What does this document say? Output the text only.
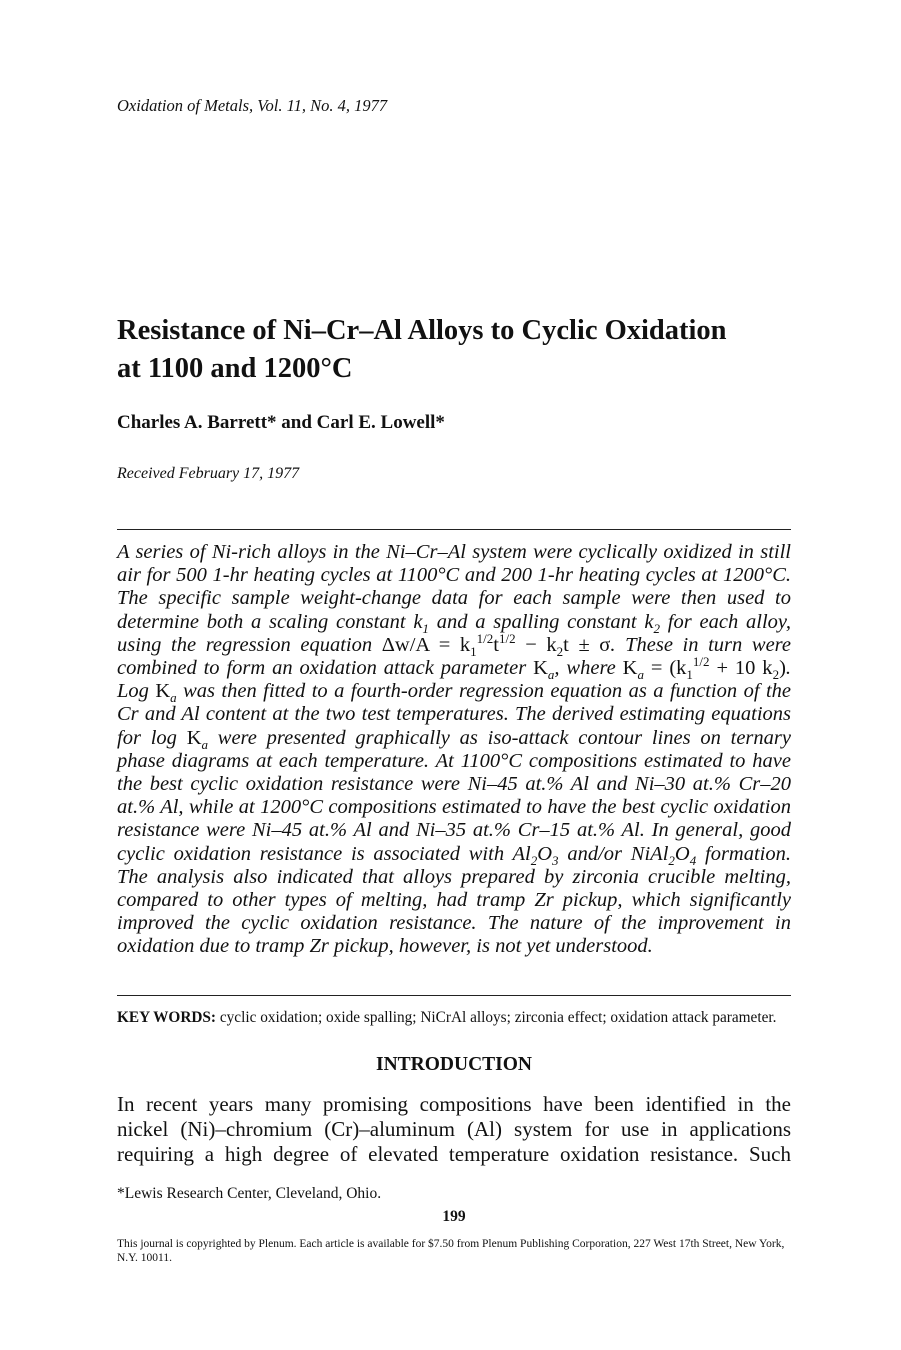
Oxidation of Metals, Vol. 11, No. 4, 1977
Resistance of Ni–Cr–Al Alloys to Cyclic Oxidation
at 1100 and 1200°C
Charles A. Barrett* and Carl E. Lowell*
Received February 17, 1977

A series of Ni-rich alloys in the Ni–Cr–Al system were cyclically oxidized in still air for 500 1-hr heating cycles at 1100°C and 200 1-hr heating cycles at 1200°C. The specific sample weight-change data for each sample were then used to determine both a scaling constant $k_1$ and a spalling constant $k_2$ for each alloy, using the regression equation $\Delta w/A = k_1^{1/2}t^{1/2} - k_2t \pm \sigma$. These in turn were combined to form an oxidation attack parameter $K_a$, where $K_a = (k_1^{1/2} + 10$ $k_2$). Log $K_a$ was then fitted to a fourth-order regression equation as a function of the Cr and Al content at the two test temperatures. The derived estimating equations for $\log K_a$ were presented graphically as iso-attack contour lines on ternary phase diagrams at each temperature. At 1100°C compositions estimated to have the best cyclic oxidation resistance were Ni–45 at.% Al and Ni–30 at.% Cr–20 at.% Al, while at 1200°C compositions estimated to have the best cyclic oxidation resistance were Ni–45 at.% Al and Ni–35 at.% Cr–15 at.% Al. In general, good cyclic oxidation resistance is associated with $Al_2O_3$ and/or $NiAl_2O_4$ formation. The analysis also indicated that alloys prepared by zirconia crucible melting, compared to other types of melting, had tramp Zr pickup, which significantly improved the cyclic oxidation resistance. The nature of the improvement in oxidation due to tramp Zr pickup, however, is not yet understood.

KEY WORDS: cyclic oxidation; oxide spalling; NiCrAl alloys; zirconia effect; oxidation attack parameter.
INTRODUCTION
In recent years many promising compositions have been identified in the
nickel (Ni)–chromium (Cr)–aluminum (Al) system for use in applications
requiring a high degree of elevated temperature oxidation resistance. Such
*Lewis Research Center, Cleveland, Ohio.
199
This journal is copyrighted by Plenum. Each article is available for $7.50 from Plenum Publishing Corporation, 227 West 17th Street, New York, N.Y. 10011.
